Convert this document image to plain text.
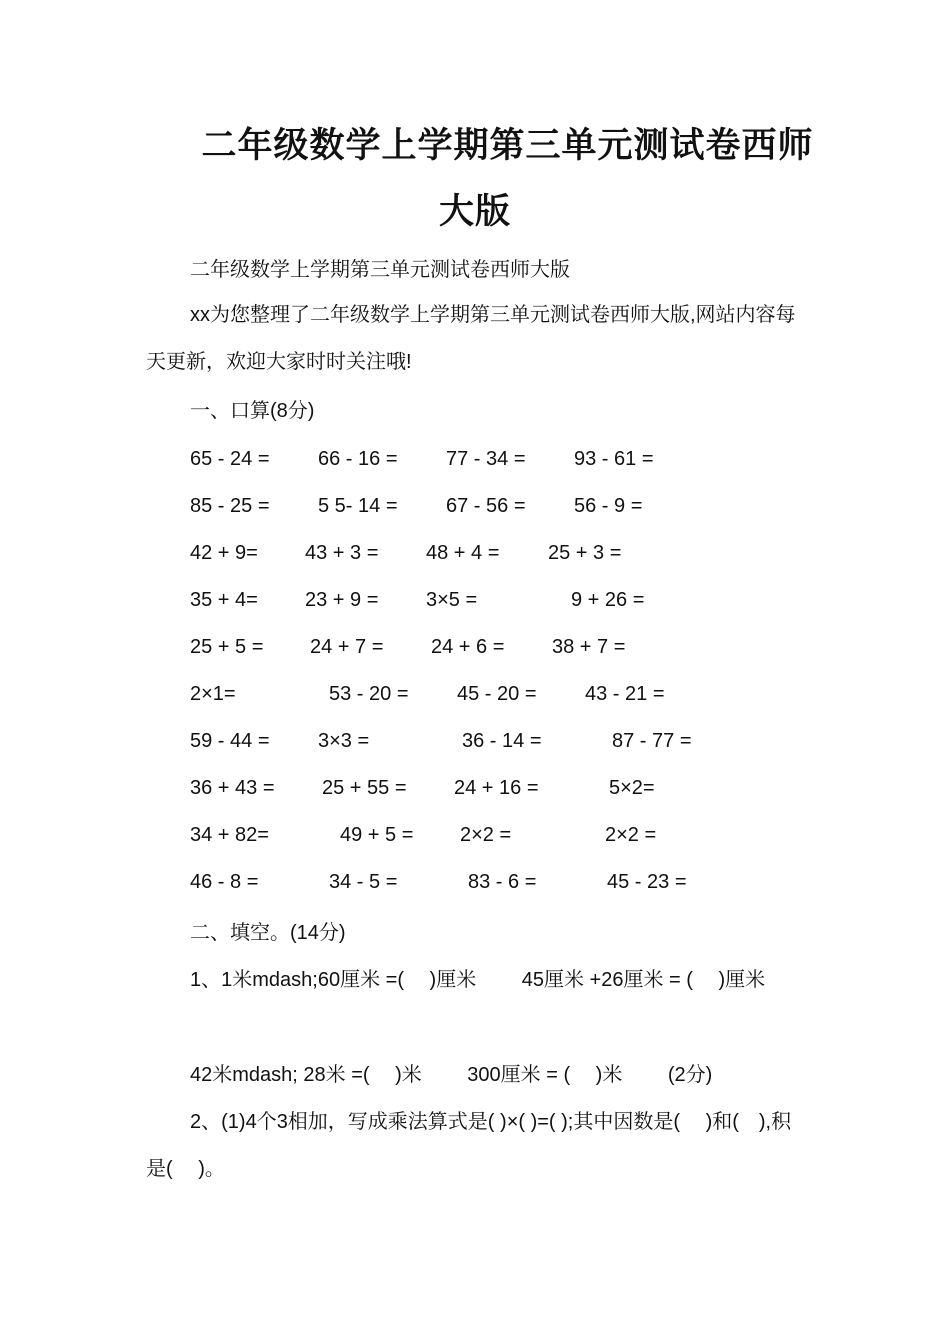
二年级数学上学期第三单元测试卷西师
大版
二年级数学上学期第三单元测试卷西师大版
xx为您整理了二年级数学上学期第三单元测试卷西师大版,网站内容每天更新，欢迎大家时时关注哦!
一、口算(8分)
65 - 24 = 66 - 16 = 77 - 34 = 93 - 61 =
85 - 25 = 5 5- 14 = 67 - 56 = 56 - 9 =
42 + 9= 43 + 3 = 48 + 4 = 25 + 3 =
35 + 4= 23 + 9 = 3×5 =	9 + 26 =
25 + 5 = 24 + 7 = 24 + 6 = 38 + 7 =
2×1=	53 - 20 = 45 - 20 = 43 - 21 =
59 - 44 = 3×3 =	36 - 14 =	87 - 77 =
36 + 43 = 25 + 55 = 24 + 16 =	5×2=
34 + 82=	49 + 5 = 2×2 =	2×2 =
46 - 8 =	34 - 5 =	83 - 6 =	45 - 23 =
二、填空。(14分)
1、1米mdash;60厘米 =(　 )厘米　　 45厘米 +26厘米 = (　 )厘米
42米mdash; 28米 =(　 )米　　 300厘米 = (　 )米　　 (2分)
2、(1)4个3相加，写成乘法算式是( )×( )=( );其中因数是(　 )和(　),积是(　 )。
